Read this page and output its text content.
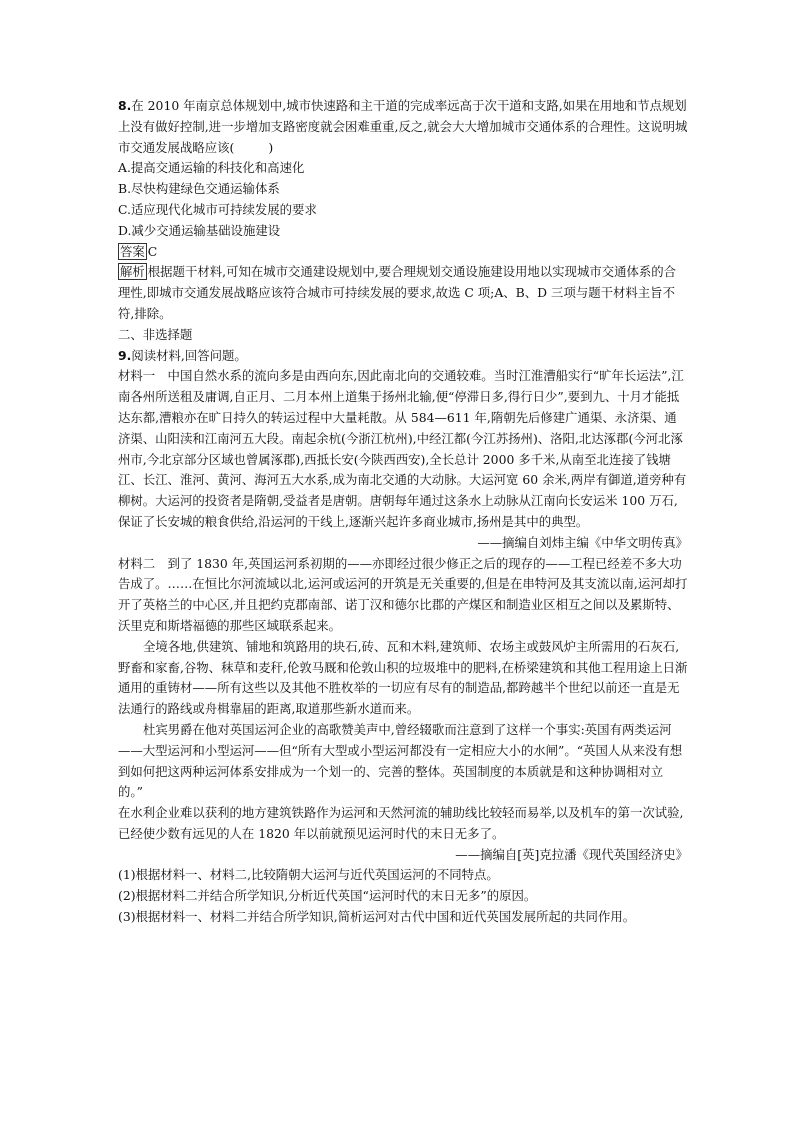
8.在 2010 年南京总体规划中,城市快速路和主干道的完成率远高于次干道和支路,如果在用地和节点规划上没有做好控制,进一步增加支路密度就会困难重重,反之,就会大大增加城市交通体系的合理性。这说明城市交通发展战略应该(	)

A.提高交通运输的科技化和高速化

B.尽快构建绿色交通运输体系

C.适应现代化城市可持续发展的要求

D.减少交通运输基础设施建设

答案 C

解析 根据题干材料,可知在城市交通建设规划中,要合理规划交通设施建设用地以实现城市交通体系的合理性,即城市交通发展战略应该符合城市可持续发展的要求,故选 C 项;A、B、D 三项与题干材料主旨不符,排除。

二、非选择题

9.阅读材料,回答问题。

材料一　中国自然水系的流向多是由西向东,因此南北向的交通较难。当时江淮漕船实行“旷年长运法”,江南各州所送租及庸调,自正月、二月本州上道集于扬州北输,便“停滞日多,得行日少”,要到九、十月才能抵达东都,漕粮亦在旷日持久的转运过程中大量耗散。从 584—611 年,隋朝先后修建广通渠、永济渠、通济渠、山阳渎和江南河五大段。南起余杭(今浙江杭州),中经江都(今江苏扬州)、洛阳,北达涿郡(今河北涿州市,今北京部分区域也曾属涿郡),西抵长安(今陕西西安),全长总计 2000 多千米,从南至北连接了钱塘江、长江、淮河、黄河、海河五大水系,成为南北交通的大动脉。大运河宽 60 余米,两岸有御道,道旁种有柳树。大运河的投资者是隋朝,受益者是唐朝。唐朝每年通过这条水上动脉从江南向长安运米 100 万石,保证了长安城的粮食供给,沿运河的干线上,逐渐兴起许多商业城市,扬州是其中的典型。

——摘编自刘炜主编《中华文明传真》

材料二　到了 1830 年,英国运河系初期的——亦即经过很少修正之后的现存的——工程已经差不多大功告成了。……在恒比尔河流域以北,运河或运河的开筑是无关重要的,但是在串特河及其支流以南,运河却打开了英格兰的中心区,并且把约克郡南部、诺丁汉和德尔比郡的产煤区和制造业区相互之间以及累斯特、沃里克和斯塔福德的那些区域联系起来。

全境各地,供建筑、铺地和筑路用的块石,砖、瓦和木料,建筑师、农场主或鼓风炉主所需用的石灰石,野畜和家畜,谷物、秣草和麦秆,伦敦马厩和伦敦山积的垃圾堆中的肥料,在桥梁建筑和其他工程用途上日渐通用的重铸材——所有这些以及其他不胜枚举的一切应有尽有的制造品,都跨越半个世纪以前还一直是无法通行的路线或舟楫靠届的距离,取道那些新水道而来。

杜宾男爵在他对英国运河企业的高歌赞美声中,曾经辍歌而注意到了这样一个事实:英国有两类运河——大型运河和小型运河——但“所有大型或小型运河都没有一定相应大小的水闸”。“英国人从来没有想到如何把这两种运河体系安排成为一个划一的、完善的整体。英国制度的本质就是和这种协调相对立的。”

在水利企业难以获利的地方建筑铁路作为运河和天然河流的辅助线比较轻而易举,以及机车的第一次试验,已经使少数有远见的人在 1820 年以前就预见运河时代的末日无多了。

——摘编自[英]克拉潘《现代英国经济史》

(1)根据材料一、材料二,比较隋朝大运河与近代英国运河的不同特点。

(2)根据材料二并结合所学知识,分析近代英国“运河时代的末日无多”的原因。

(3)根据材料一、材料二并结合所学知识,简析运河对古代中国和近代英国发展所起的共同作用。
